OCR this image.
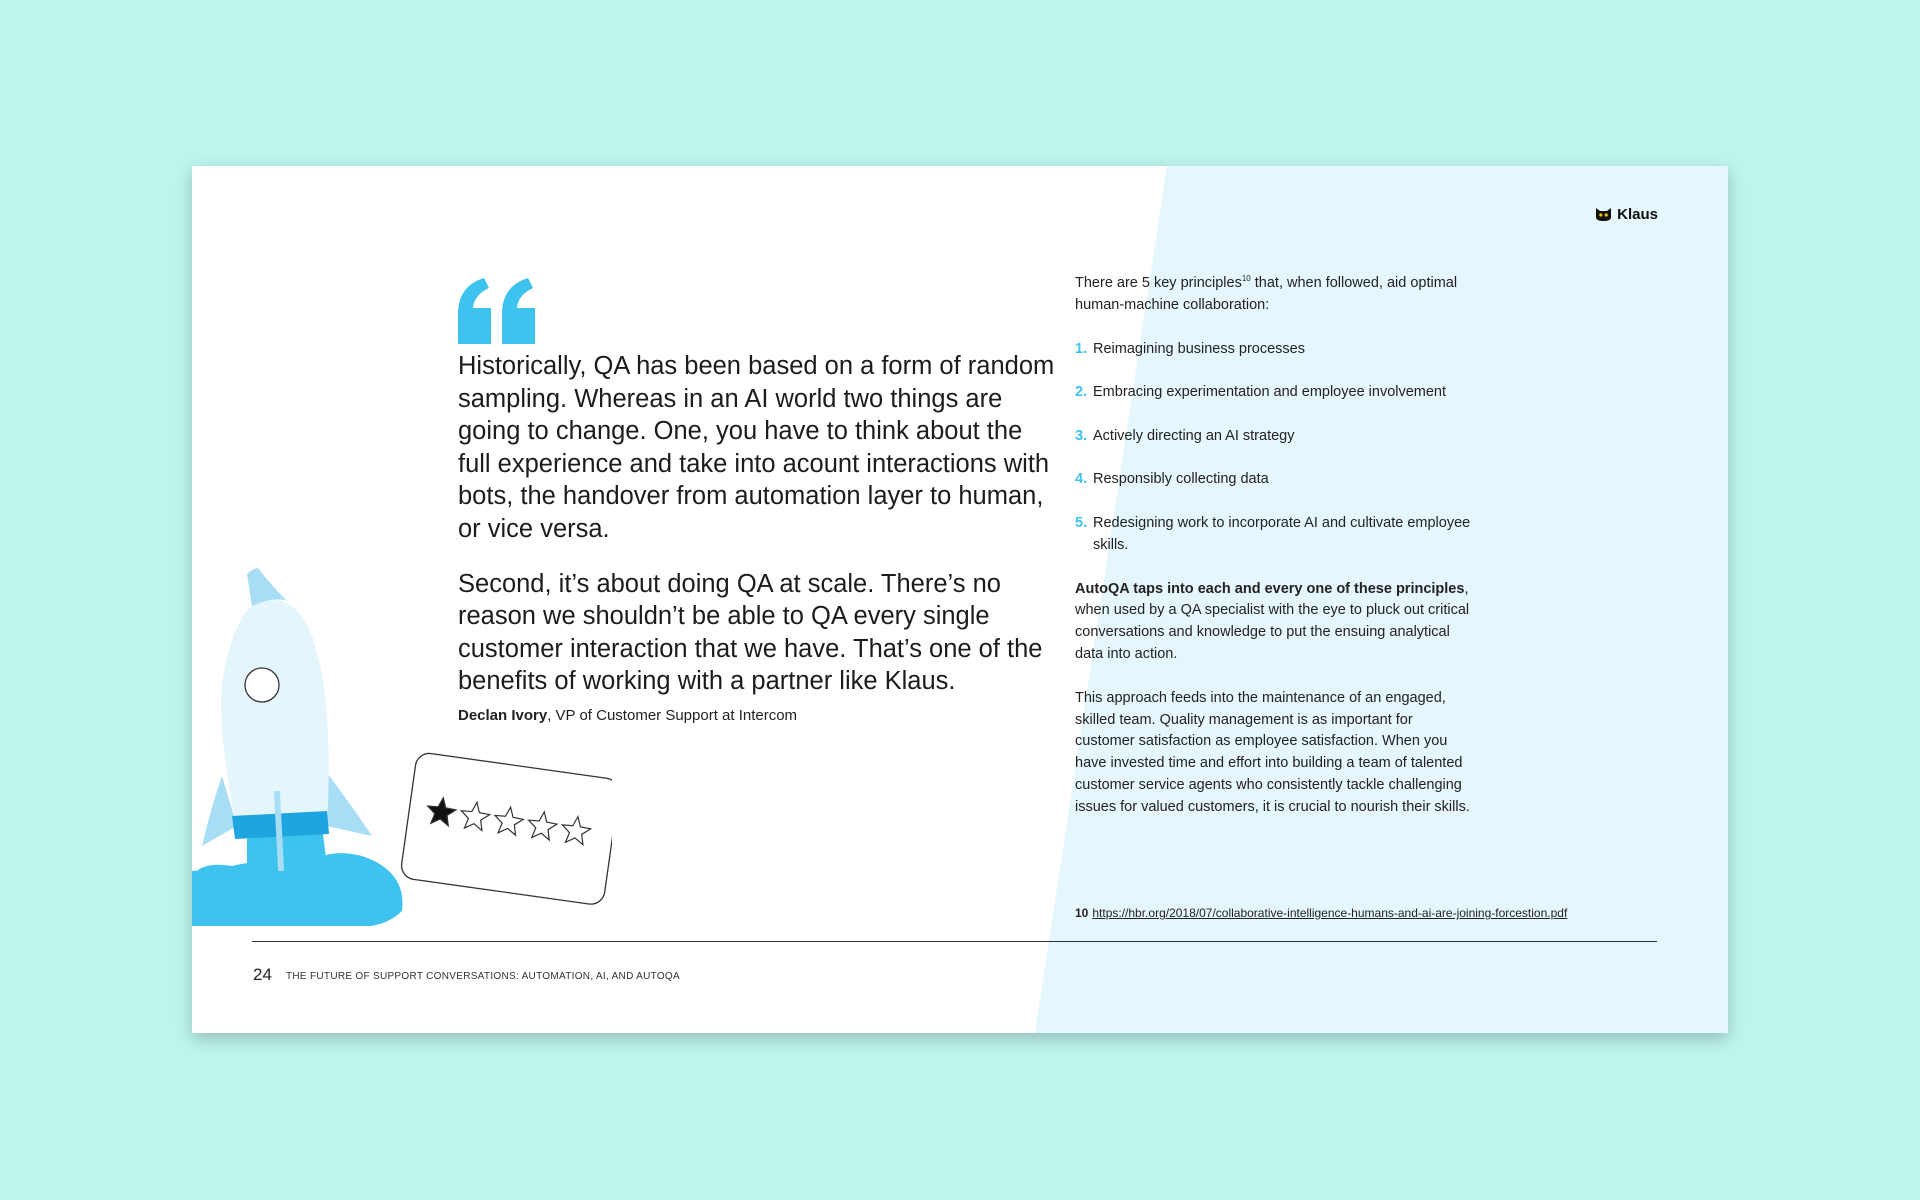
Klaus

Historically, QA has been based on a form of random sampling. Whereas in an AI world two things are going to change. One, you have to think about the full experience and take into acount interactions with bots, the handover from automation layer to human, or vice versa.

Second, it’s about doing QA at scale. There’s no reason we shouldn’t be able to QA every single customer interaction that we have. That’s one of the benefits of working with a partner like Klaus.

Declan Ivory, VP of Customer Support at Intercom

There are 5 key principles$^{10}$ that, when followed, aid optimal human-machine collaboration:

1. Reimagining business processes
2. Embracing experimentation and employee involvement
3. Actively directing an AI strategy
4. Responsibly collecting data
5. Redesigning work to incorporate AI and cultivate employee skills.

AutoQA taps into each and every one of these principles, when used by a QA specialist with the eye to pluck out critical conversations and knowledge to put the ensuing analytical data into action.

This approach feeds into the maintenance of an engaged, skilled team. Quality management is as important for customer satisfaction as employee satisfaction. When you have invested time and effort into building a team of talented customer service agents who consistently tackle challenging issues for valued customers, it is crucial to nourish their skills.

10 https://hbr.org/2018/07/collaborative-intelligence-humans-and-ai-are-joining-forcestion.pdf
24 THE FUTURE OF SUPPORT CONVERSATIONS: AUTOMATION, AI, AND AUTOQA
